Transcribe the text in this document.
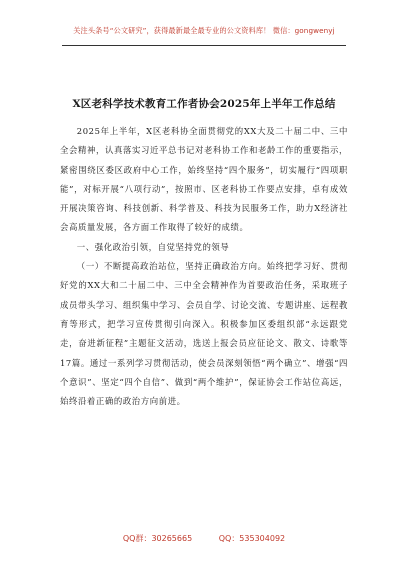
关注头条号“公文研究”，获得最新最全最专业的公文资料库！ 微信：gongwenyj
X区老科学技术教育工作者协会2025年上半年工作总结

2025年上半年，X区老科协全面贯彻党的XX大及二十届二中、三中全会精神，认真落实习近平总书记对老科协工作和老龄工作的重要指示，紧密围绕区委区政府中心工作，始终坚持“四个服务”，切实履行“四项职能”，对标开展“八项行动”，按照市、区老科协工作要点安排，卓有成效开展决策咨询、科技创新、科学普及、科技为民服务工作，助力X经济社会高质量发展，各方面工作取得了较好的成绩。

一、强化政治引领，自觉坚持党的领导

（一）不断提高政治站位，坚持正确政治方向。始终把学习好、贯彻好党的XX大和二十届二中、三中全会精神作为首要政治任务，采取班子成员带头学习、组织集中学习、会员自学、讨论交流、专题讲座、远程教育等形式，把学习宣传贯彻引向深入。积极参加区委组织部“永远跟党走，奋进新征程”主题征文活动，选送上报会员应征论文、散文、诗歌等17篇。通过一系列学习贯彻活动，使会员深刻领悟“两个确立”、增强“四个意识”、坚定“四个自信”、做到“两个维护”，保证协会工作站位高远，始终沿着正确的政治方向前进。

QQ群：30265665	QQ：535304092
